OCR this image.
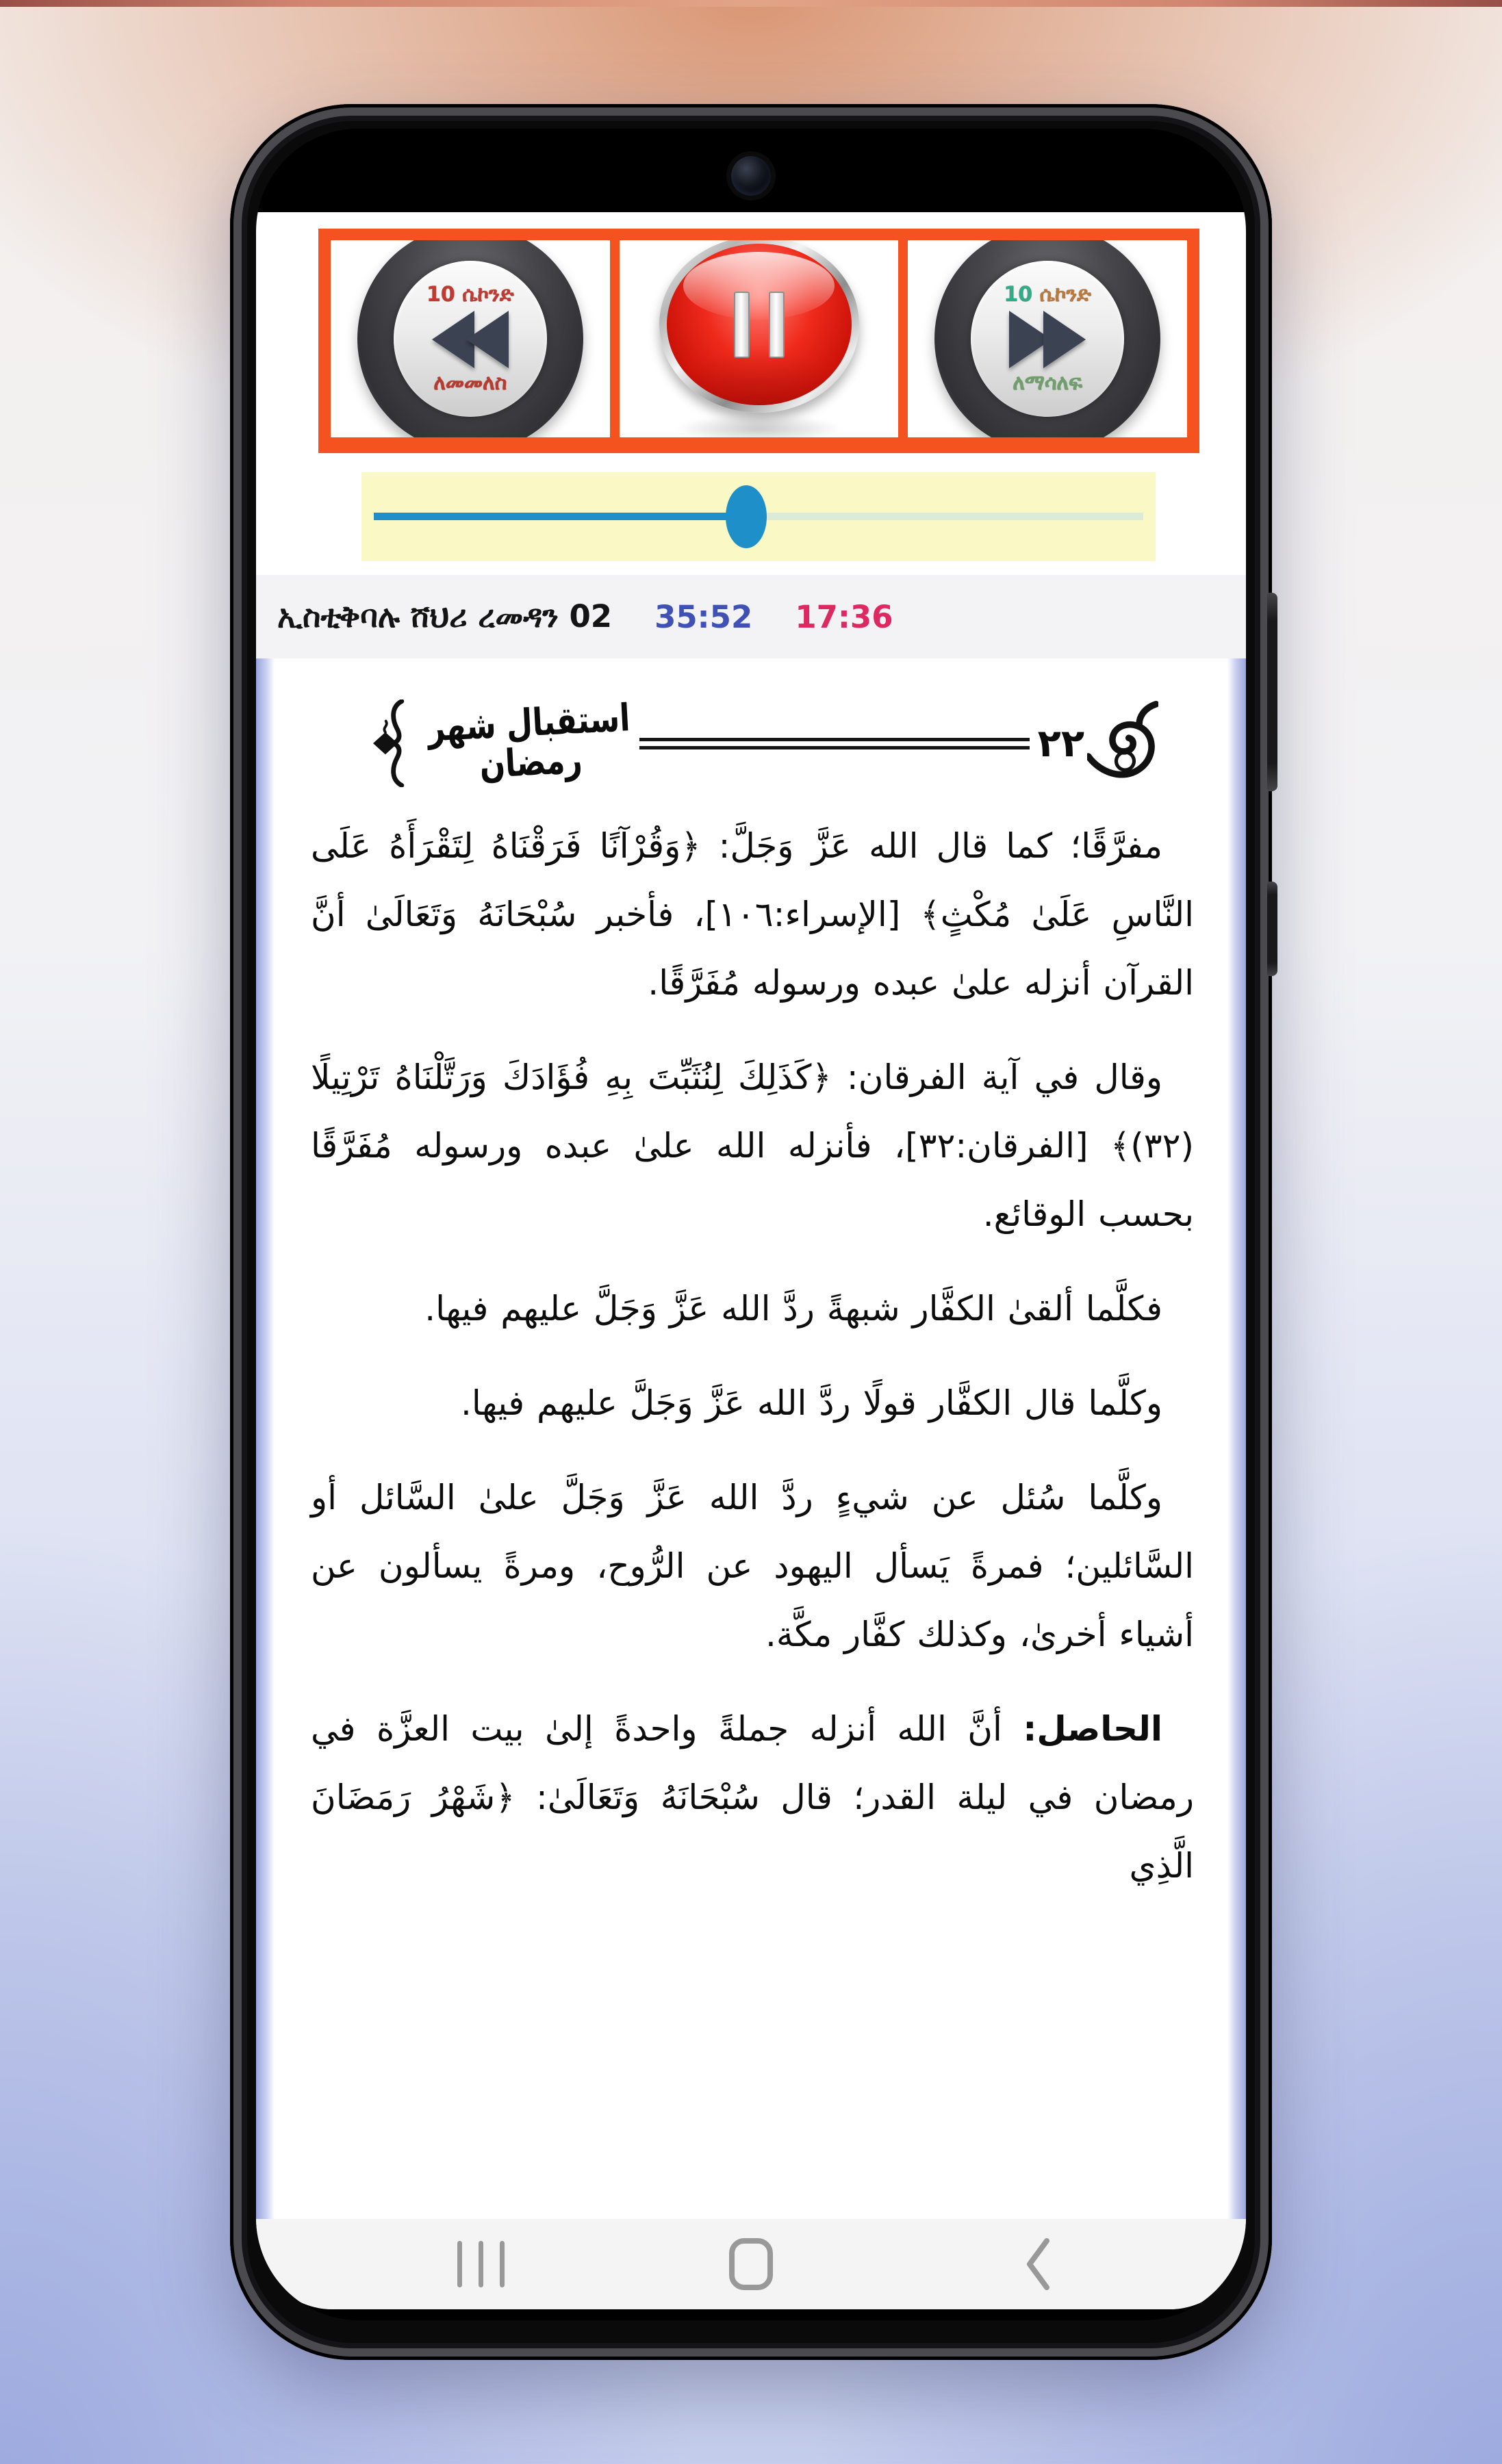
10 ሴኮንድ
ለመመለስ
10 ሴኮንድ
ለማሳለፍ
ኢስቲቅባሉ ሸህሪ ረመዳን 02 35:52 17:36
استقبال شهر رمضان	٢٢

مفرَّقًا؛ كما قال الله عَزَّ وَجَلَّ: ﴿وَقُرْآنًا فَرَقْنَاهُ لِتَقْرَأَهُ عَلَى النَّاسِ عَلَىٰ مُكْثٍ﴾ [الإسراء:١٠٦]، فأخبر سُبْحَانَهُ وَتَعَالَىٰ أنَّ القرآن أنزله علىٰ عبده ورسوله مُفَرَّقًا.

وقال في آية الفرقان: ﴿كَذَلِكَ لِنُثَبِّتَ بِهِ فُؤَادَكَ وَرَتَّلْنَاهُ تَرْتِيلًا (٣٢)﴾ [الفرقان:٣٢]، فأنزله الله علىٰ عبده ورسوله مُفَرَّقًا بحسب الوقائع.

فكلَّما ألقىٰ الكفَّار شبهةً ردَّ الله عَزَّ وَجَلَّ عليهم فيها.

وكلَّما قال الكفَّار قولًا ردَّ الله عَزَّ وَجَلَّ عليهم فيها.

وكلَّما سُئل عن شيءٍ ردَّ الله عَزَّ وَجَلَّ علىٰ السَّائل أو السَّائلين؛ فمرةً يَسأل اليهود عن الرُّوح، ومرةً يسألون عن أشياء أخرىٰ، وكذلك كفَّار مكَّة.

الحاصل: أنَّ الله أنزله جملةً واحدةً إلىٰ بيت العزَّة في رمضان في ليلة القدر؛ قال سُبْحَانَهُ وَتَعَالَىٰ: ﴿شَهْرُ رَمَضَانَ الَّذِي
